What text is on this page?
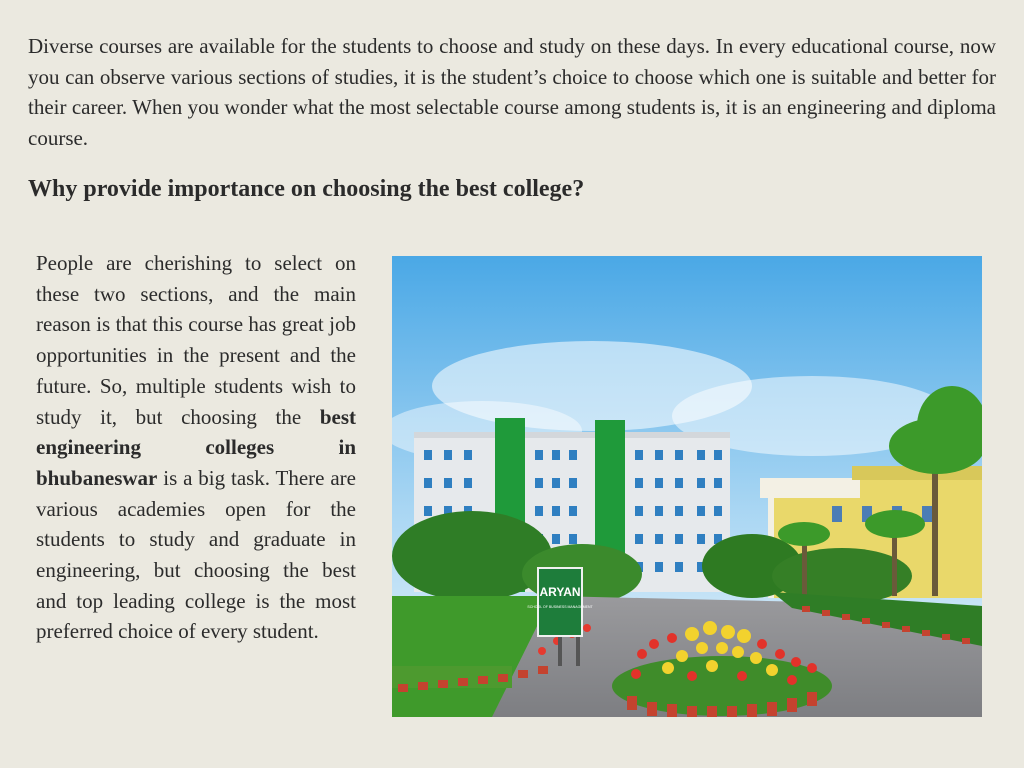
Diverse courses are available for the students to choose and study on these days. In every educational course, now you can observe various sections of studies, it is the student’s choice to choose which one is suitable and better for their career. When you wonder what the most selectable course among students is, it is an engineering and diploma course.

Why provide importance on choosing the best college?

People are cherishing to select on these two sections, and the main reason is that this course has great job opportunities in the present and the future. So, multiple students wish to study it, but choosing the best engineering colleges in bhubaneswar is a big task. There are various academies open for the students to study and graduate in engineering, but choosing the best and top leading college is the most preferred choice of every student.

ARYAN
SCHOOL OF BUSINESS MANAGEMENT
